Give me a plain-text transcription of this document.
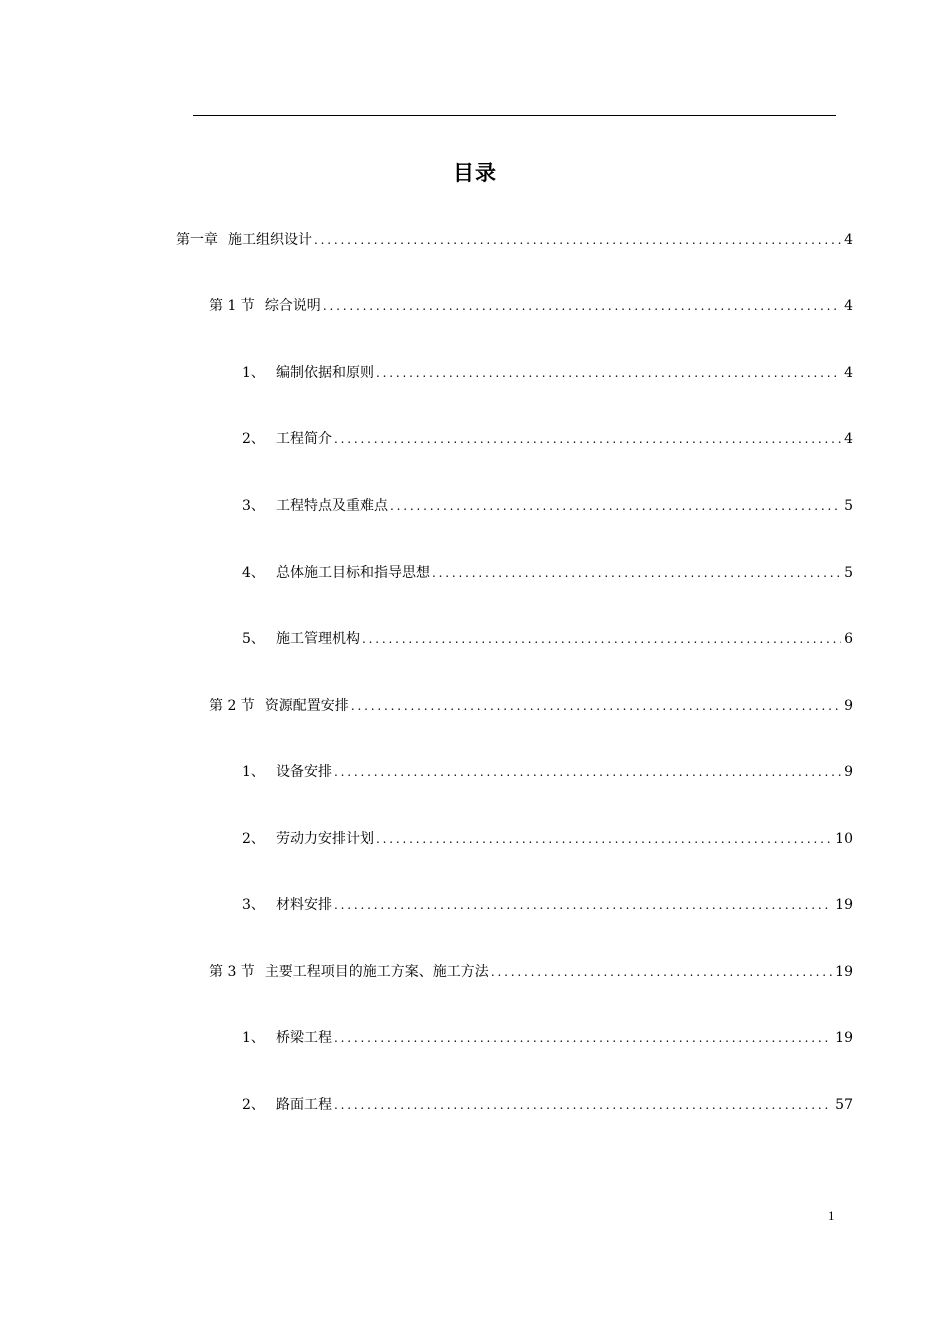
目录
第一章 施工组织设计 . . .	4
第 1 节 综合说明 . . .	4
1、 编制依据和原则 . . .	4
2、 工程简介 . . .	4
3、 工程特点及重难点 . . .	5
4、 总体施工目标和指导思想 . . .	5
5、 施工管理机构 . . .	6
第 2 节 资源配置安排 . . .	9
1、 设备安排 . . .	9
2、 劳动力安排计划 . . .	10
3、 材料安排 . . .	19
第 3 节 主要工程项目的施工方案、施工方法 . . .	19
1、 桥梁工程 . . .	19
2、 路面工程 . . .	57
1
